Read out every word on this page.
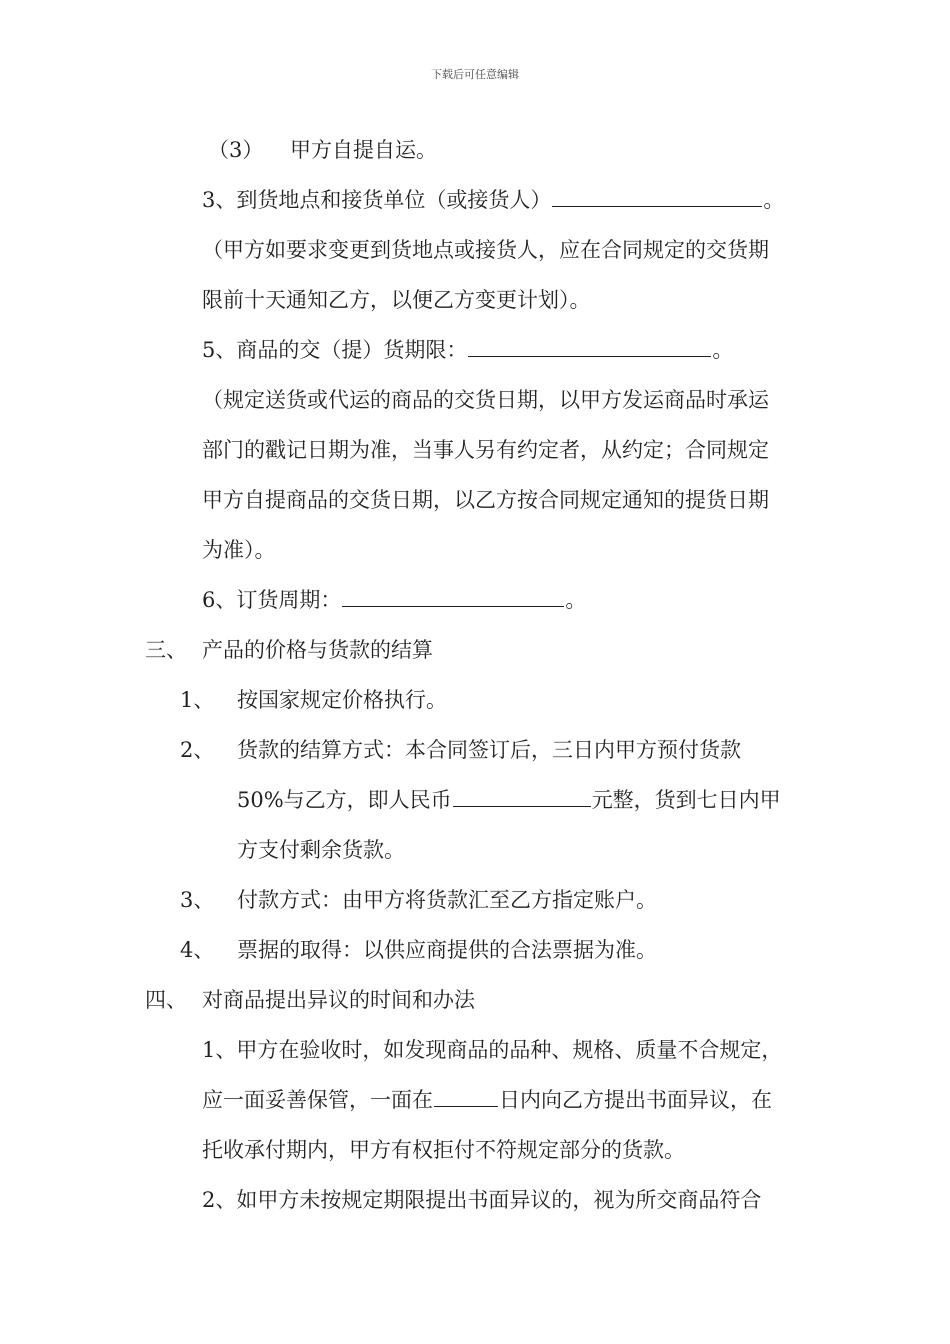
下载后可任意编辑
（3） 甲方自提自运。
3、到货地点和接货单位（或接货人）	。
（甲方如要求变更到货地点或接货人，应在合同规定的交货期
限前十天通知乙方，以便乙方变更计划）。
5、商品的交（提）货期限：	。
（规定送货或代运的商品的交货日期，以甲方发运商品时承运
部门的戳记日期为准，当事人另有约定者，从约定；合同规定
甲方自提商品的交货日期，以乙方按合同规定通知的提货日期
为准）。
6、订货周期：	。
三、 产品的价格与货款的结算
1、 按国家规定价格执行。
2、 货款的结算方式：本合同签订后，三日内甲方预付货款
50%与乙方，即人民币	元整，货到七日内甲
方支付剩余货款。
3、 付款方式：由甲方将货款汇至乙方指定账户。
4、 票据的取得：以供应商提供的合法票据为准。
四、 对商品提出异议的时间和办法
1、甲方在验收时，如发现商品的品种、规格、质量不合规定，
应一面妥善保管，一面在	日内向乙方提出书面异议，在
托收承付期内，甲方有权拒付不符规定部分的货款。
2、如甲方未按规定期限提出书面异议的，视为所交商品符合
